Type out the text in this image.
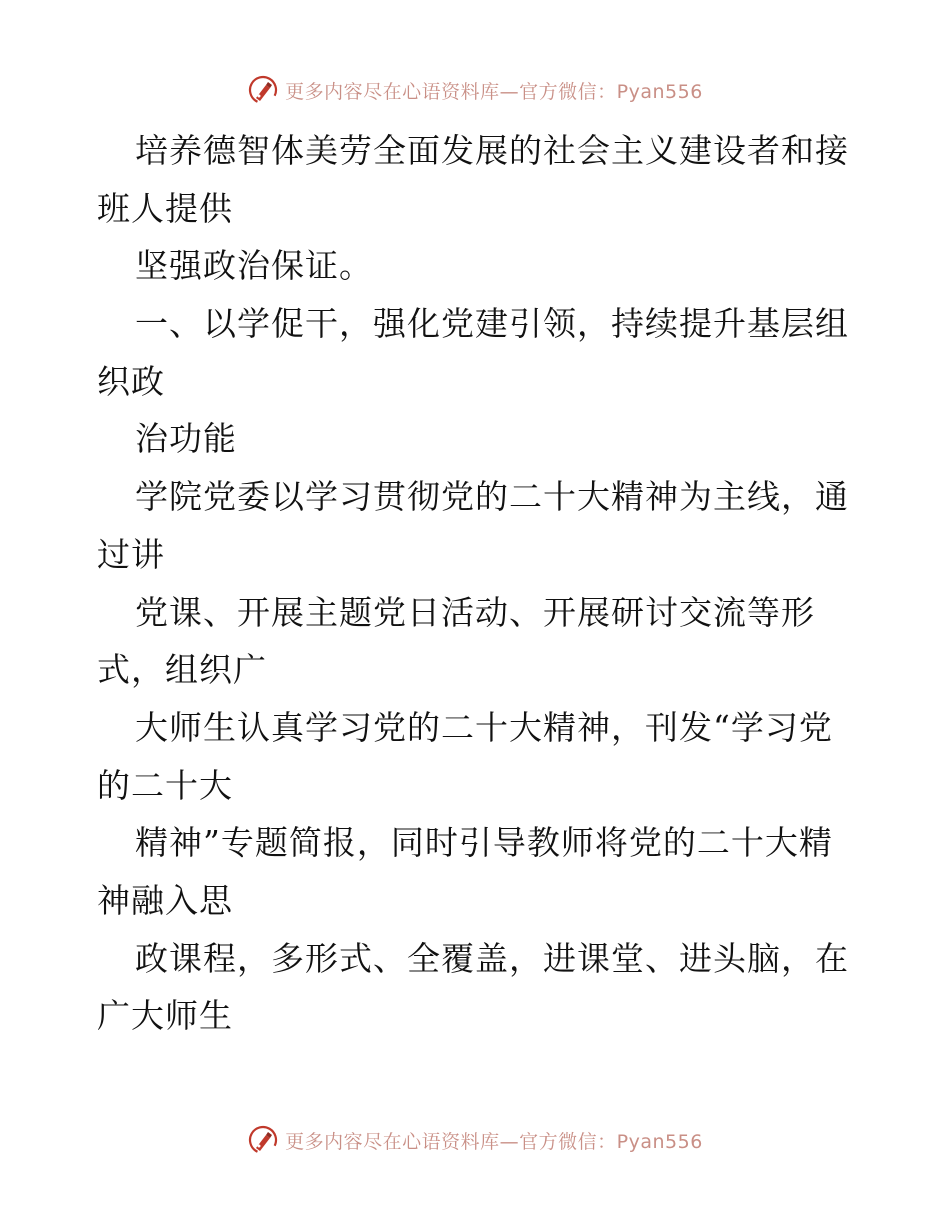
更多内容尽在心语资料库—官方微信：Pyan556
培养德智体美劳全面发展的社会主义建设者和接
班人提供
坚强政治保证。
一、以学促干，强化党建引领，持续提升基层组
织政
治功能
学院党委以学习贯彻党的二十大精神为主线，通
过讲
党课、开展主题党日活动、开展研讨交流等形
式，组织广
大师生认真学习党的二十大精神，刊发“学习党
的二十大
精神”专题简报，同时引导教师将党的二十大精
神融入思
政课程，多形式、全覆盖，进课堂、进头脑，在
广大师生
更多内容尽在心语资料库—官方微信：Pyan556
